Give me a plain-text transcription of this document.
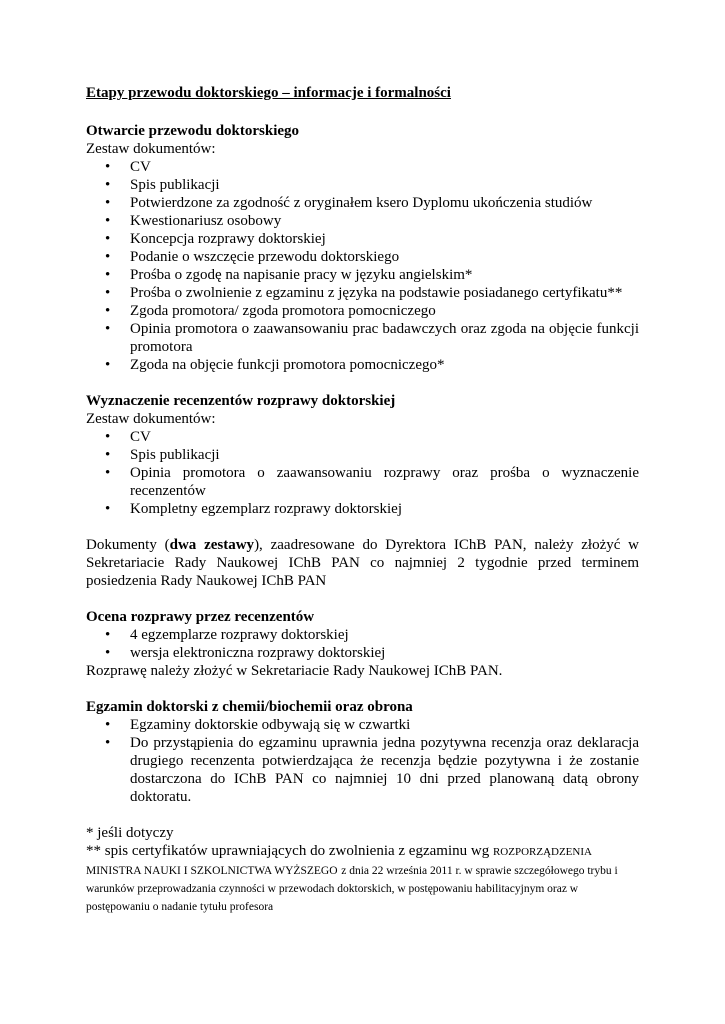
Etapy przewodu doktorskiego – informacje i formalności

Otwarcie przewodu doktorskiego

Zestaw dokumentów:

• CV
• Spis publikacji
• Potwierdzone za zgodność z oryginałem ksero Dyplomu ukończenia studiów
• Kwestionariusz osobowy
• Koncepcja rozprawy doktorskiej
• Podanie o wszczęcie przewodu doktorskiego
• Prośba o zgodę na napisanie pracy w języku angielskim*
• Prośba o zwolnienie z egzaminu z języka na podstawie posiadanego certyfikatu**
• Zgoda promotora/ zgoda promotora pomocniczego
• Opinia promotora o zaawansowaniu prac badawczych oraz zgoda na objęcie funkcji promotora
• Zgoda na objęcie funkcji promotora pomocniczego*

Wyznaczenie recenzentów rozprawy doktorskiej

Zestaw dokumentów:

• CV
• Spis publikacji
• Opinia promotora o zaawansowaniu rozprawy oraz prośba o wyznaczenie recenzentów
• Kompletny egzemplarz rozprawy doktorskiej

Dokumenty (dwa zestawy), zaadresowane do Dyrektora IChB PAN, należy złożyć w Sekretariacie Rady Naukowej IChB PAN co najmniej 2 tygodnie przed terminem posiedzenia Rady Naukowej IChB PAN

Ocena rozprawy przez recenzentów

• 4 egzemplarze rozprawy doktorskiej
• wersja elektroniczna rozprawy doktorskiej

Rozprawę należy złożyć w Sekretariacie Rady Naukowej IChB PAN.

Egzamin doktorski z chemii/biochemii oraz obrona

• Egzaminy doktorskie odbywają się w czwartki
• Do przystąpienia do egzaminu uprawnia jedna pozytywna recenzja oraz deklaracja drugiego recenzenta potwierdzająca że recenzja będzie pozytywna i że zostanie dostarczona do IChB PAN co najmniej 10 dni przed planowaną datą obrony doktoratu.

* jeśli dotyczy

** spis certyfikatów uprawniających do zwolnienia z egzaminu wg ROZPORZĄDZENIA
MINISTRA NAUKI I SZKOLNICTWA WYŻSZEGO z dnia 22 września 2011 r. w sprawie szczegółowego trybu i warunków przeprowadzania czynności w przewodach doktorskich, w postępowaniu habilitacyjnym oraz w postępowaniu o nadanie tytułu profesora
